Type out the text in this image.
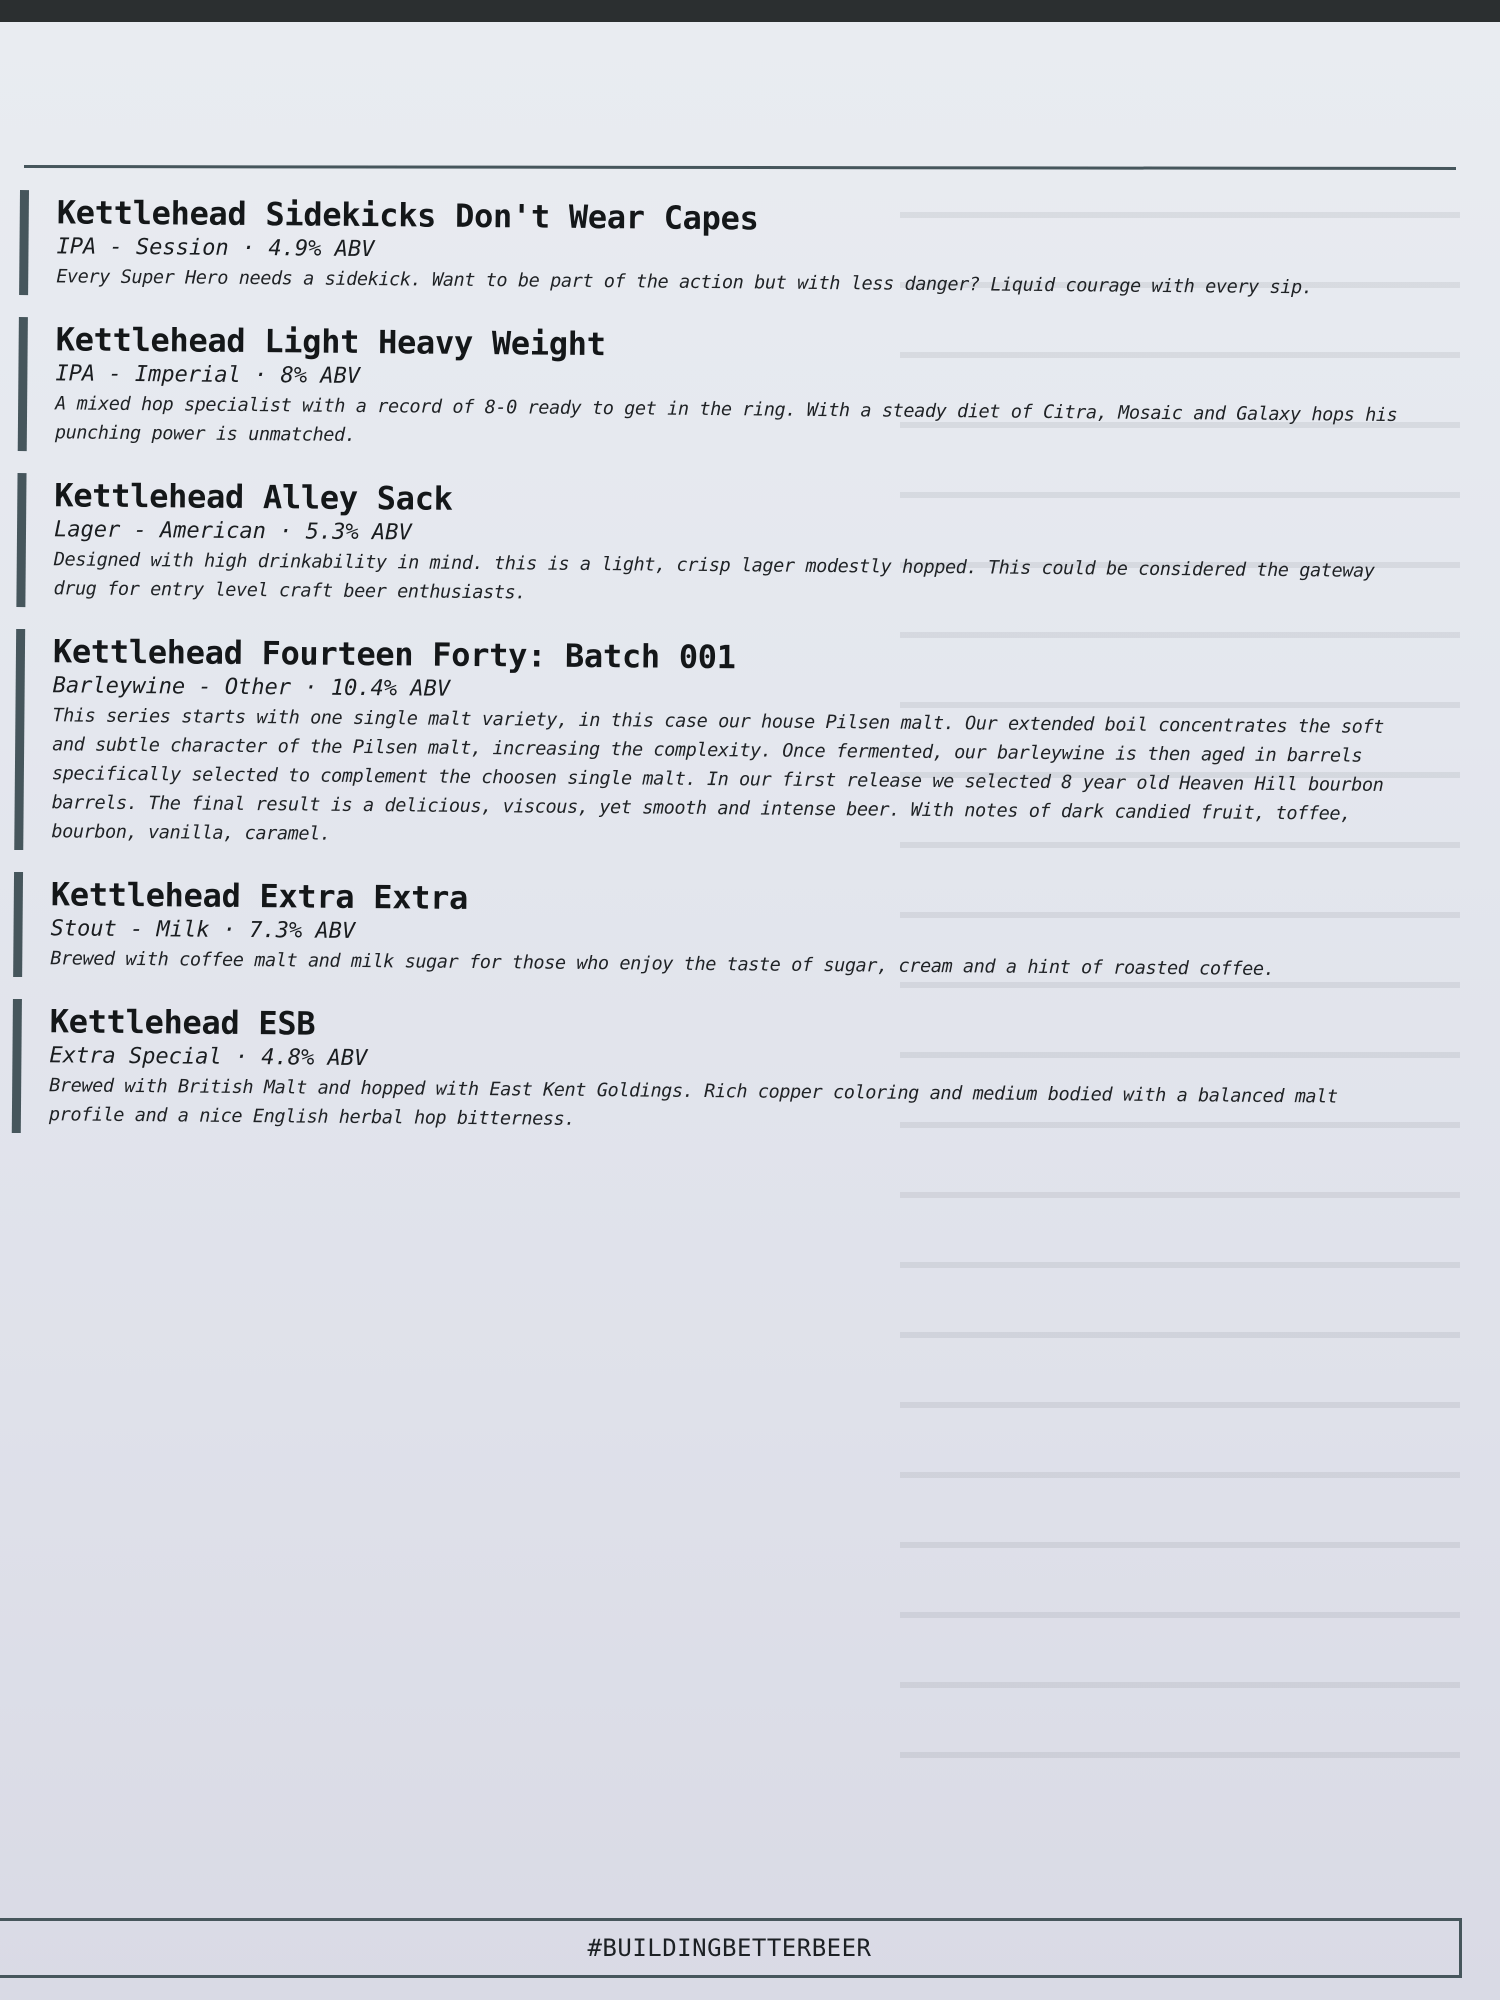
Kettlehead Sidekicks Don't Wear Capes
IPA - Session · 4.9% ABV
Every Super Hero needs a sidekick. Want to be part of the action but with less danger? Liquid courage with every sip.
Kettlehead Light Heavy Weight
IPA - Imperial · 8% ABV
A mixed hop specialist with a record of 8-0 ready to get in the ring. With a steady diet of Citra, Mosaic and Galaxy hops his punching power is unmatched.
Kettlehead Alley Sack
Lager - American · 5.3% ABV
Designed with high drinkability in mind. this is a light, crisp lager modestly hopped. This could be considered the gateway drug for entry level craft beer enthusiasts.
Kettlehead Fourteen Forty: Batch 001
Barleywine - Other · 10.4% ABV
This series starts with one single malt variety, in this case our house Pilsen malt. Our extended boil concentrates the soft and subtle character of the Pilsen malt, increasing the complexity. Once fermented, our barleywine is then aged in barrels specifically selected to complement the choosen single malt. In our first release we selected 8 year old Heaven Hill bourbon barrels. The final result is a delicious, viscous, yet smooth and intense beer. With notes of dark candied fruit, toffee, bourbon, vanilla, caramel.
Kettlehead Extra Extra
Stout - Milk · 7.3% ABV
Brewed with coffee malt and milk sugar for those who enjoy the taste of sugar, cream and a hint of roasted coffee.
Kettlehead ESB
Extra Special · 4.8% ABV
Brewed with British Malt and hopped with East Kent Goldings. Rich copper coloring and medium bodied with a balanced malt profile and a nice English herbal hop bitterness.
#BUILDINGBETTERBEER
